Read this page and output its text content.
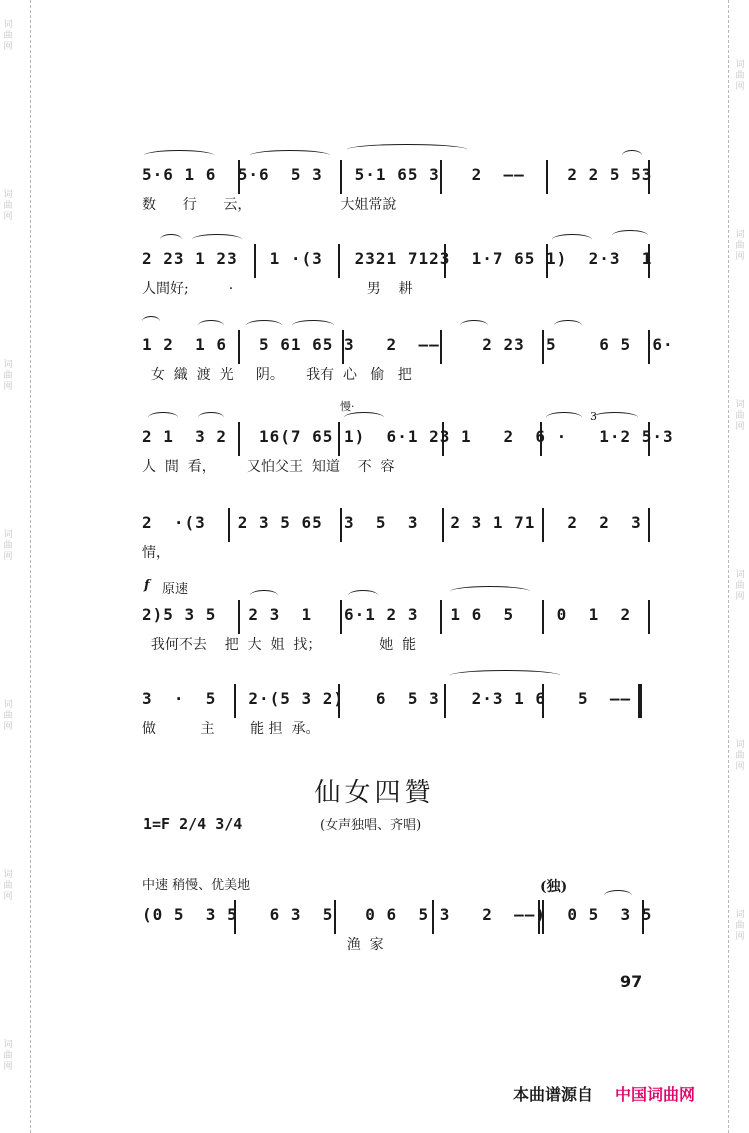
词曲网
词曲网
词曲网
词曲网
词曲网
词曲网
词曲网
词曲网
词曲网
词曲网
词曲网
词曲网
词曲网
5·6 1 6  5·6  5 3   5·1 65 3   2  ——    2 2 5 53
数      行      云，                    大姐常說
2 23 1 23   1 ·(3   2321 7123  1·7 65 1)  2·3  1
人間好;         ·                              男    耕
1 2  1 6   5 61 65 3   2  ——    2 23  5    6 5  6·
女  織  渡  光     阴。     我有  心   偷   把
慢·　
3
2 1  3 2   16(7 65 1)  6·1 23 1   2  6 ·   1·2 5·3
人  間  看，       又怕父王  知道    不  容
2  ·(3   2 3 5 65  3  5  3   2 3 1 71   2  2  3
情，
f 原速
2)5 3 5   2 3  1   6·1 2 3   1 6  5    0  1  2
我何不去    把  大  姐  找；             她  能
3  ·  5   2·(5 3 2)   6  5 3   2·3 1 6   5  ——
做          主        能 担  承。
仙女四贊
1=F 2/4 3/4	(女声独唱、齐唱)
中速 稍慢、优美地	(独)
(0 5  3 5   6 3  5   0 6  5 3   2  ——)  0 5  3 5
渔  家
97
本曲谱源自 中国词曲网
